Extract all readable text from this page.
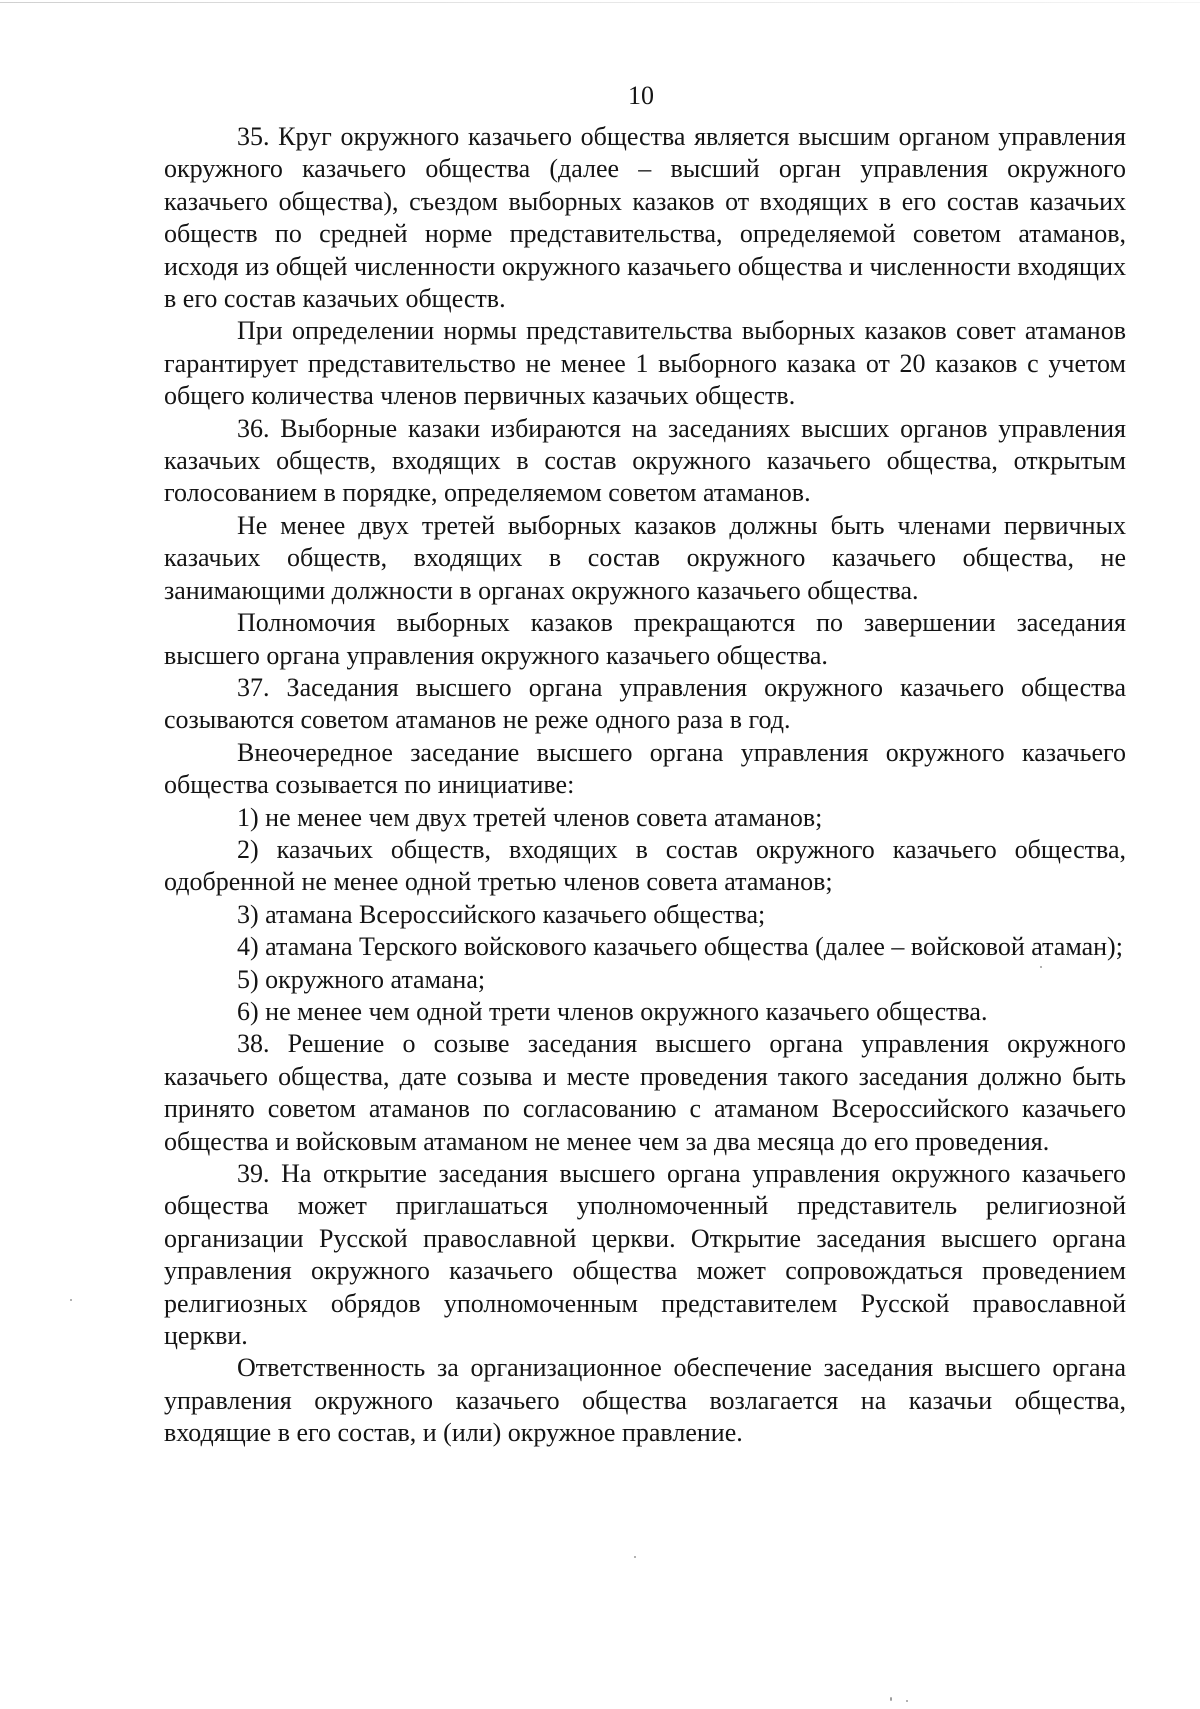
10

35. Круг окружного казачьего общества является высшим органом управления окружного казачьего общества (далее – высший орган управления окружного казачьего общества), съездом выборных казаков от входящих в его состав казачьих обществ по средней норме представительства, определяемой советом атаманов, исходя из общей численности окружного казачьего общества и численности входящих в его состав казачьих обществ.

При определении нормы представительства выборных казаков совет атаманов гарантирует представительство не менее 1 выборного казака от 20 казаков с учетом общего количества членов первичных казачьих обществ.

36. Выборные казаки избираются на заседаниях высших органов управления казачьих обществ, входящих в состав окружного казачьего общества, открытым голосованием в порядке, определяемом советом атаманов.

Не менее двух третей выборных казаков должны быть членами первичных казачьих обществ, входящих в состав окружного казачьего общества, не занимающими должности в органах окружного казачьего общества.

Полномочия выборных казаков прекращаются по завершении заседания высшего органа управления окружного казачьего общества.

37. Заседания высшего органа управления окружного казачьего общества созываются советом атаманов не реже одного раза в год.

Внеочередное заседание высшего органа управления окружного казачьего общества созывается по инициативе:

1) не менее чем двух третей членов совета атаманов;

2) казачьих обществ, входящих в состав окружного казачьего общества, одобренной не менее одной третью членов совета атаманов;

3) атамана Всероссийского казачьего общества;

4) атамана Терского войскового казачьего общества (далее – войсковой атаман);

5) окружного атамана;

6) не менее чем одной трети членов окружного казачьего общества.

38. Решение о созыве заседания высшего органа управления окружного казачьего общества, дате созыва и месте проведения такого заседания должно быть принято советом атаманов по согласованию с атаманом Всероссийского казачьего общества и войсковым атаманом не менее чем за два месяца до его проведения.

39. На открытие заседания высшего органа управления окружного казачьего общества может приглашаться уполномоченный представитель религиозной организации Русской православной церкви. Открытие заседания высшего органа управления окружного казачьего общества может сопровождаться проведением религиозных обрядов уполномоченным представителем Русской православной церкви.

Ответственность за организационное обеспечение заседания высшего органа управления окружного казачьего общества возлагается на казачьи общества, входящие в его состав, и (или) окружное правление.
